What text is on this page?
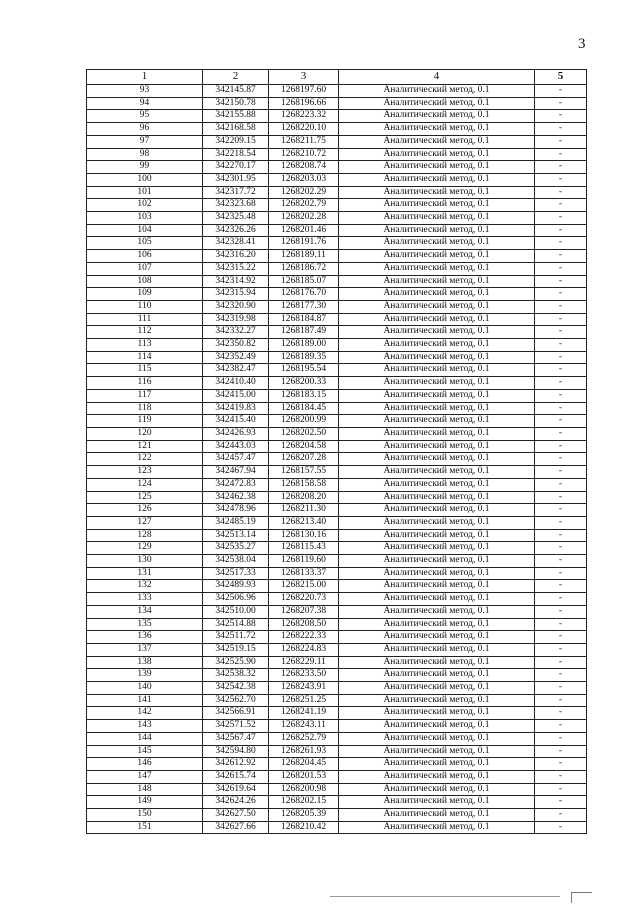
3
1	2	3	4	5
93	342145.87	1268197.60	Аналитический метод, 0.1	-
94	342150.78	1268196.66	Аналитический метод, 0.1	-
95	342155.88	1268223.32	Аналитический метод, 0.1	-
96	342168.58	1268220.10	Аналитический метод, 0.1	-
97	342209.15	1268211.75	Аналитический метод, 0.1	-
98	342218.54	1268210.72	Аналитический метод, 0.1	-
99	342270.17	1268208.74	Аналитический метод, 0.1	-
100	342301.95	1268203.03	Аналитический метод, 0.1	-
101	342317.72	1268202.29	Аналитический метод, 0.1	-
102	342323.68	1268202.79	Аналитический метод, 0.1	-
103	342325.48	1268202.28	Аналитический метод, 0.1	-
104	342326.26	1268201.46	Аналитический метод, 0.1	-
105	342328.41	1268191.76	Аналитический метод, 0.1	-
106	342316.20	1268189.11	Аналитический метод, 0.1	-
107	342315.22	1268186.72	Аналитический метод, 0.1	-
108	342314.92	1268185.07	Аналитический метод, 0.1	-
109	342315.94	1268176.70	Аналитический метод, 0.1	-
110	342320.90	1268177.30	Аналитический метод, 0.1	-
111	342319.98	1268184.87	Аналитический метод, 0.1	-
112	342332.27	1268187.49	Аналитический метод, 0.1	-
113	342350.82	1268189.00	Аналитический метод, 0.1	-
114	342352.49	1268189.35	Аналитический метод, 0.1	-
115	342382.47	1268195.54	Аналитический метод, 0.1	-
116	342410.40	1268200.33	Аналитический метод, 0.1	-
117	342415.00	1268183.15	Аналитический метод, 0.1	-
118	342419.83	1268184.45	Аналитический метод, 0.1	-
119	342415.40	1268200.99	Аналитический метод, 0.1	-
120	342426.93	1268202.50	Аналитический метод, 0.1	-
121	342443.03	1268204.58	Аналитический метод, 0.1	-
122	342457.47	1268207.28	Аналитический метод, 0.1	-
123	342467.94	1268157.55	Аналитический метод, 0.1	-
124	342472.83	1268158.58	Аналитический метод, 0.1	-
125	342462.38	1268208.20	Аналитический метод, 0.1	-
126	342478.96	1268211.30	Аналитический метод, 0.1	-
127	342485.19	1268213.40	Аналитический метод, 0.1	-
128	342513.14	1268130.16	Аналитический метод, 0.1	-
129	342535.27	1268115.43	Аналитический метод, 0.1	-
130	342538.04	1268119.60	Аналитический метод, 0.1	-
131	342517.33	1268133.37	Аналитический метод, 0.1	-
132	342489.93	1268215.00	Аналитический метод, 0.1	-
133	342506.96	1268220.73	Аналитический метод, 0.1	-
134	342510.00	1268207.38	Аналитический метод, 0.1	-
135	342514.88	1268208.50	Аналитический метод, 0.1	-
136	342511.72	1268222.33	Аналитический метод, 0.1	-
137	342519.15	1268224.83	Аналитический метод, 0.1	-
138	342525.90	1268229.11	Аналитический метод, 0.1	-
139	342538.32	1268233.50	Аналитический метод, 0.1	-
140	342542.38	1268243.91	Аналитический метод, 0.1	-
141	342562.70	1268251.25	Аналитический метод, 0.1	-
142	342566.91	1268241.19	Аналитический метод, 0.1	-
143	342571.52	1268243.11	Аналитический метод, 0.1	-
144	342567.47	1268252.79	Аналитический метод, 0.1	-
145	342594.80	1268261.93	Аналитический метод, 0.1	-
146	342612.92	1268204.45	Аналитический метод, 0.1	-
147	342615.74	1268201.53	Аналитический метод, 0.1	-
148	342619.64	1268200.98	Аналитический метод, 0.1	-
149	342624.26	1268202.15	Аналитический метод, 0.1	-
150	342627.50	1268205.39	Аналитический метод, 0.1	-
151	342627.66	1268210.42	Аналитический метод, 0.1	-
